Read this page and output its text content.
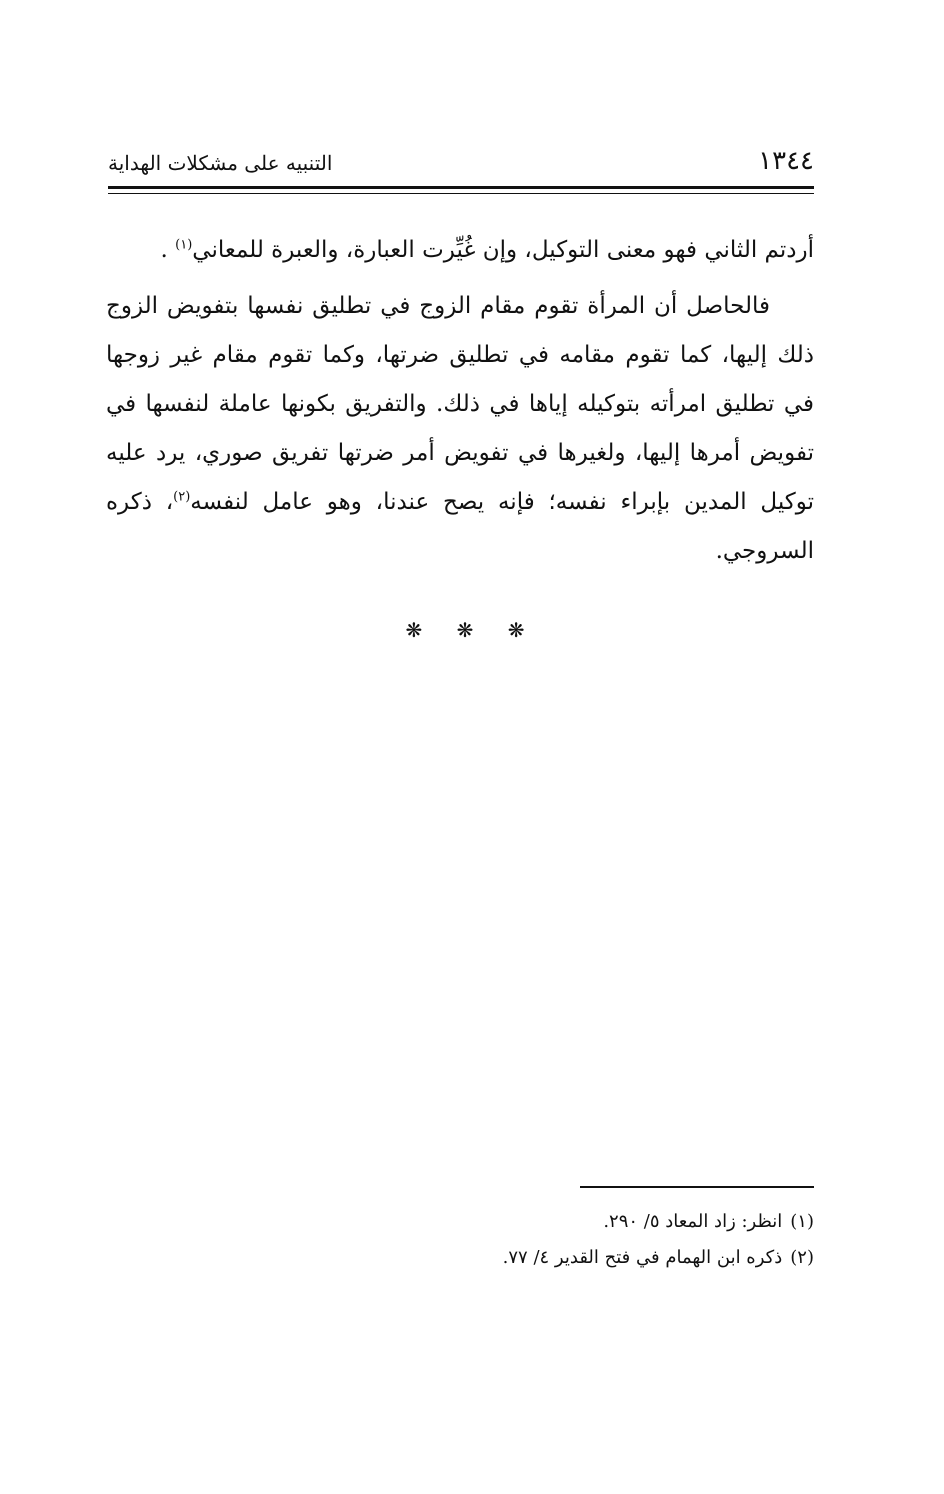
١٣٤٤
التنبيه على مشكلات الهداية

أردتم الثاني فهو معنى التوكيل، وإن غُيِّرت العبارة، والعبرة للمعاني$^{(١)}$ .

فالحاصل أن المرأة تقوم مقام الزوج في تطليق نفسها بتفويض الزوج ذلك إليها، كما تقوم مقامه في تطليق ضرتها، وكما تقوم مقام غير زوجها في تطليق امرأته بتوكيله إياها في ذلك. والتفريق بكونها عاملة لنفسها في تفويض أمرها إليها، ولغيرها في تفويض أمر ضرتها تفريق صوري، يرد عليه توكيل المدين بإبراء نفسه؛ فإنه يصح عندنا، وهو عامل لنفسه$^{(٢)}$، ذكره السروجي.

❋ ❋ ❋

(١)انظر: زاد المعاد ٥/ ٢٩٠.

(٢)ذكره ابن الهمام في فتح القدير ٤/ ٧٧.
